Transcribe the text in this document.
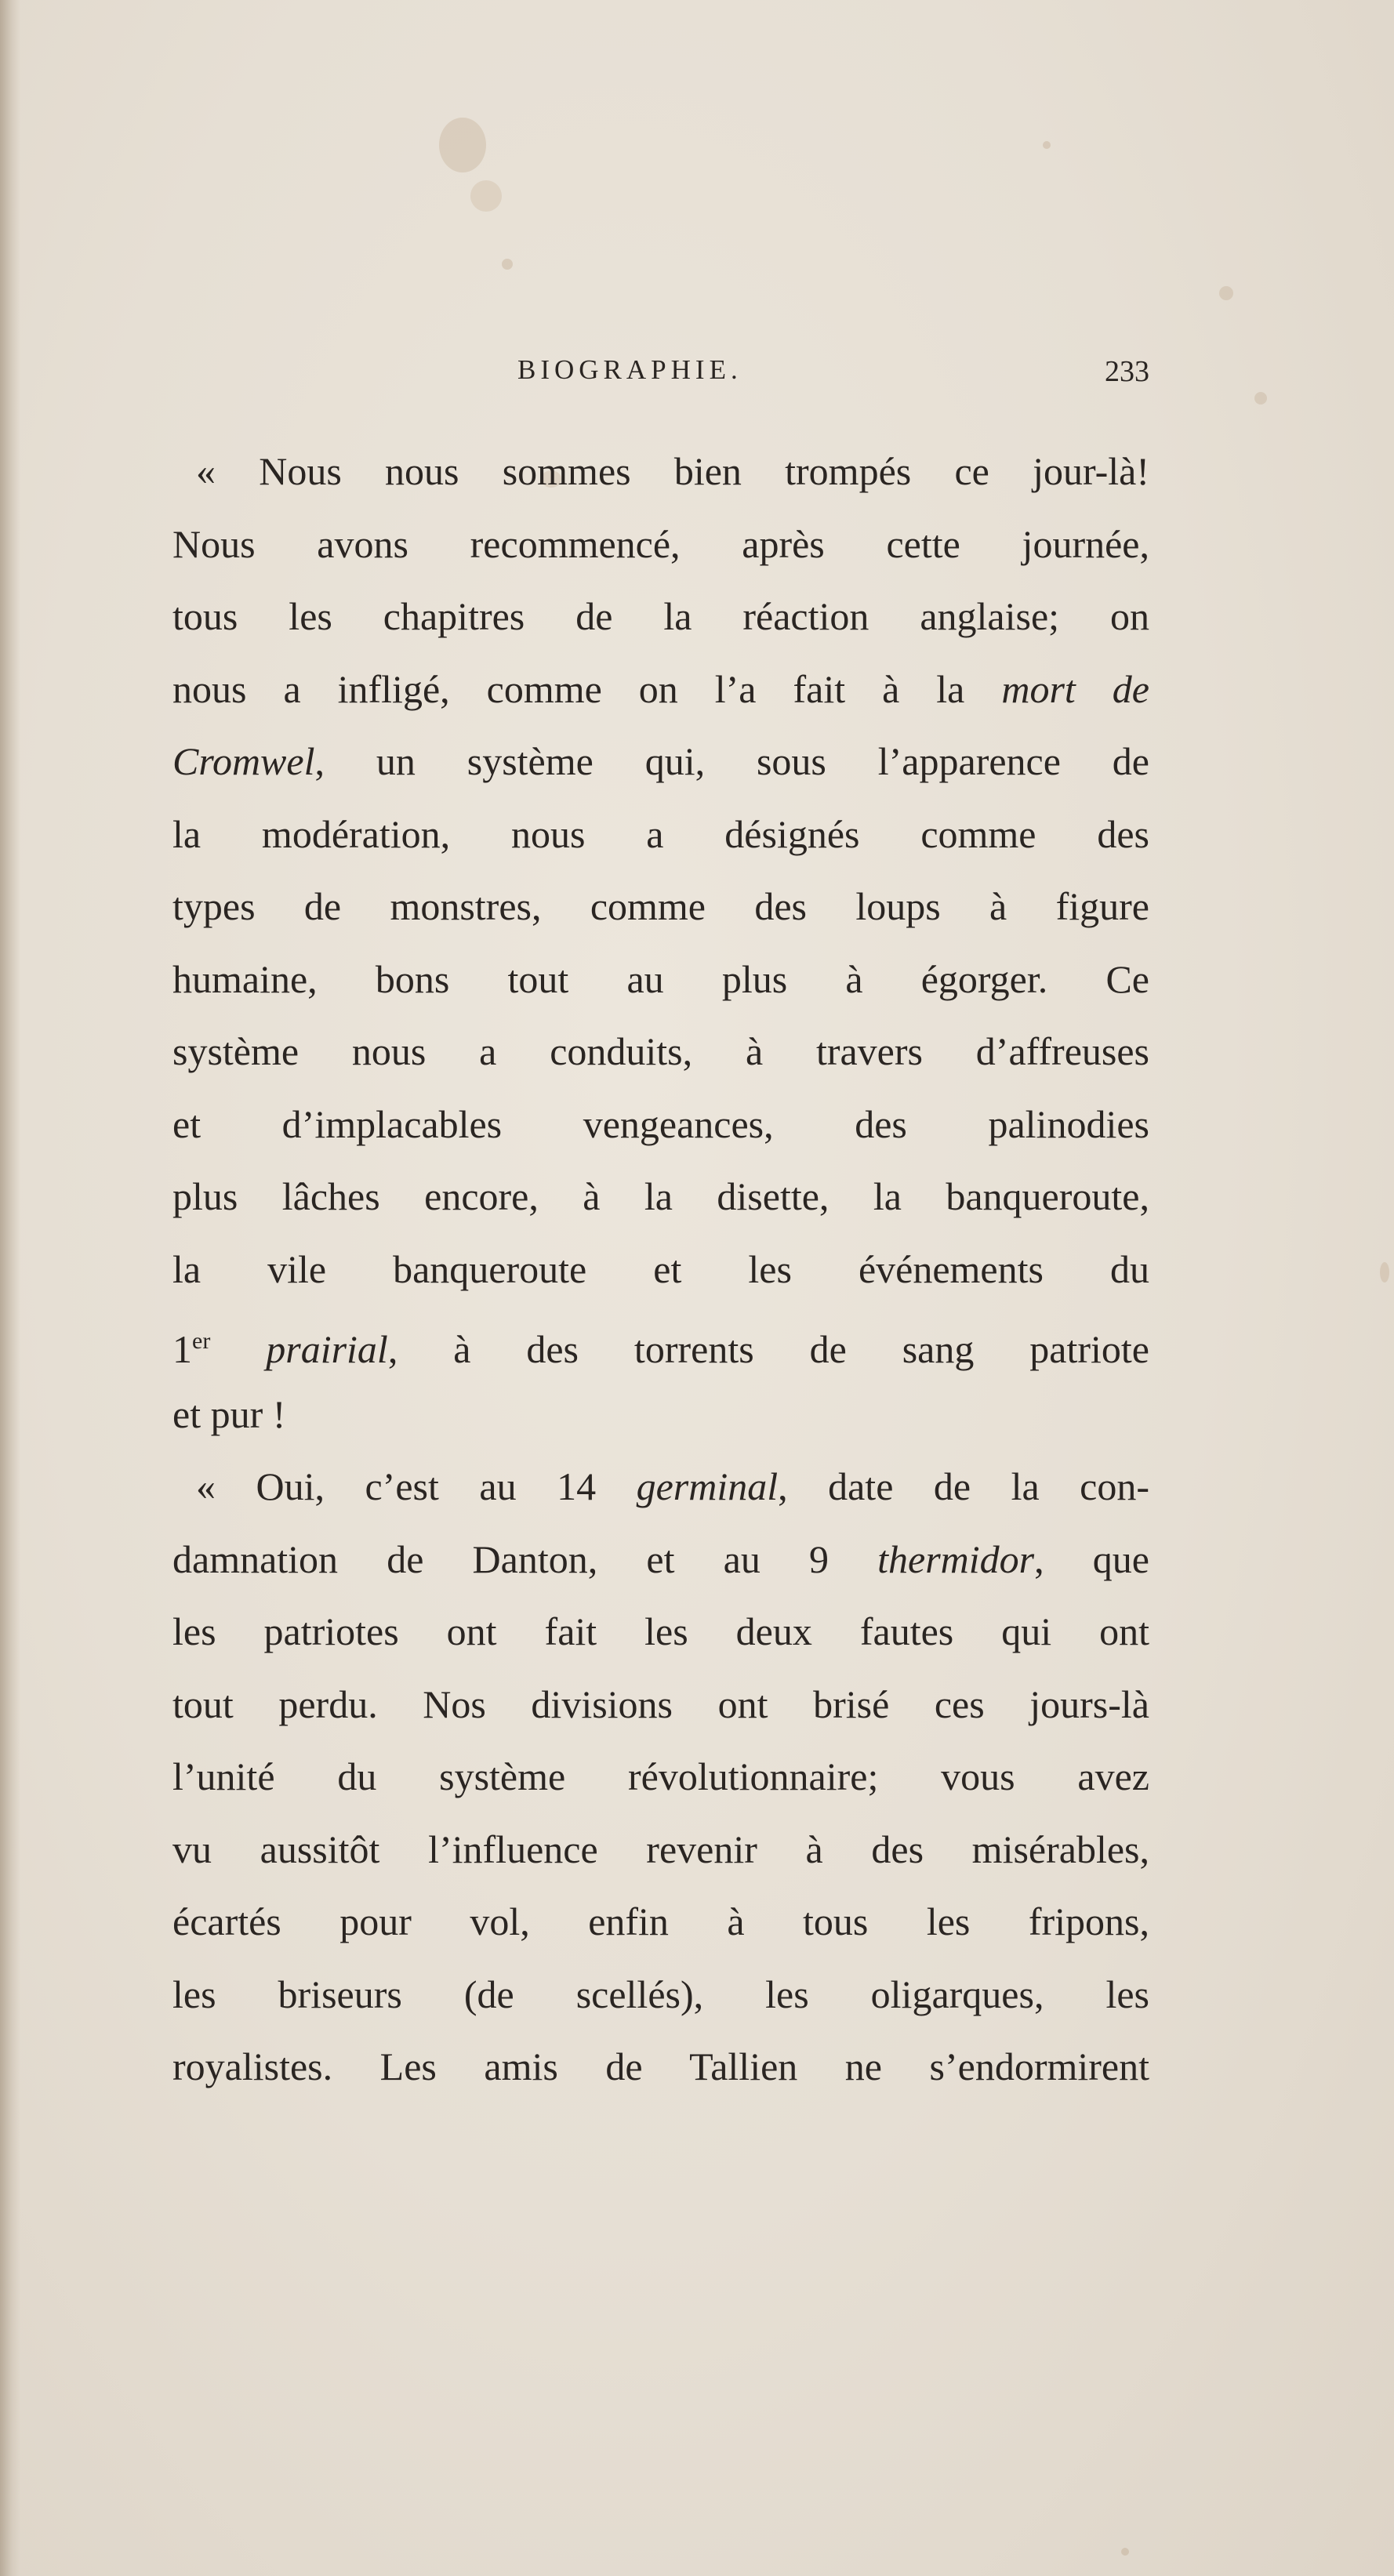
BIOGRAPHIE.	233
« Nous nous sommes bien trompés ce jour-là!
Nous avons recommencé, après cette journée,
tous les chapitres de la réaction anglaise; on
nous a infligé, comme on l’a fait à la mort de
Cromwel, un système qui, sous l’apparence de
la modération, nous a désignés comme des
types de monstres, comme des loups à figure
humaine, bons tout au plus à égorger. Ce
système nous a conduits, à travers d’affreuses
et d’implacables vengeances, des palinodies
plus lâches encore, à la disette, la banqueroute,
la vile banqueroute et les événements du
1er prairial, à des torrents de sang patriote
et pur !
« Oui, c’est au 14 germinal, date de la con-
damnation de Danton, et au 9 thermidor, que
les patriotes ont fait les deux fautes qui ont
tout perdu. Nos divisions ont brisé ces jours-là
l’unité du système révolutionnaire; vous avez
vu aussitôt l’influence revenir à des misérables,
écartés pour vol, enfin à tous les fripons,
les briseurs (de scellés), les oligarques, les
royalistes. Les amis de Tallien ne s’endormirent
